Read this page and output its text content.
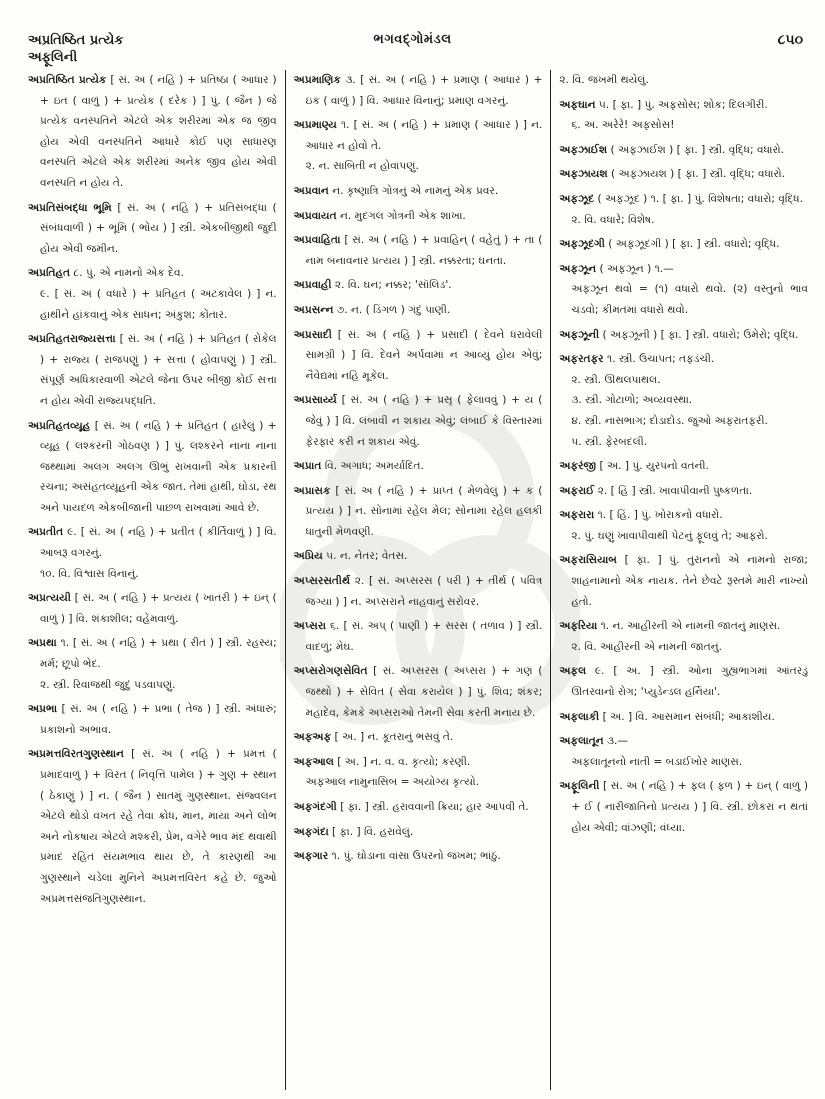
અપ્રતિષ્ઠિત પ્રત્યેક
અફૂલિની
ભગવદ્ગોમંડલ	૮૫૦
અપ્રતિષ્ઠિત પ્રત્યેક [ સં. અ ( નહિ ) + પ્રતિષ્ઠા ( આધાર ) + ઇત ( વાળું ) + પ્રત્યેક ( દરેક ) ] પું. ( જૈન ) જે પ્રત્યેક વનસ્પતિને એટલે એક શરીરમાં એક જ જીવ હોય એવી વનસ્પતિને આધારે કોઈ પણ સાધારણ વનસ્પતિ એટલે એક શરીરમાં અનેક જીવ હોય એવી વનસ્પતિ ન હોય તે.
અપ્રતિસંબદ્ધા ભૂમિ [ સં. અ ( નહિ ) + પ્રતિસંબદ્ધા ( સંબંધવાળી ) + ભૂમિ ( ભોંય ) ] સ્ત્રી. એકબીજીથી જુદી હોય એવી જમીન.
અપ્રતિહત ૮. પું. એ નામનો એક દેવ.
૯. [ સં. અ ( વધારે ) + પ્રતિહત ( અટકાવેલ ) ] ન. હાથીને હાંકવાનું એક સાધન; અંકુશ; કોંતાર.
અપ્રતિહતરાજ્યસત્તા [ સં. અ ( નહિ ) + પ્રતિહત ( રોકેલ ) + રાજ્ય ( રાજપણું ) + સત્તા ( હોવાપણું ) ] સ્ત્રી. સંપૂર્ણ અધિકારવાળી એટલે જેના ઉપર બીજી કોઈ સત્તા ન હોય એવી રાજ્યપદ્ધતિ.
અપ્રતિહતવ્યૂહ [ સં. અ ( નહિ ) + પ્રતિહત ( હારેલું ) + વ્યૂહ ( લશ્કરની ગોઠવણ ) ] પું. લશ્કરને નાના નાના જથ્થામાં અલગ અલગ ઊભું રાખવાની એક પ્રકારની રચના; અસંહતવ્યૂહની એક જાત. તેમાં હાથી, ઘોડા, રથ અને પાયદળ એકબીજાની પાછળ રાખવામાં આવે છે.
અપ્રતીત ૯. [ સં. અ ( નહિ ) + પ્રતીત ( કીર્તિવાળું ) ] વિ. આબરૂ વગરનું.
૧૦. વિ. વિશ્વાસ વિનાનું.
અપ્રત્યયી [ સં. અ ( નહિ ) + પ્રત્યય ( ખાતરી ) + ઇન્ ( વાળું ) ] વિ. શંકાશીલ; વહેમવાળું.
અપ્રથા ૧. [ સં. અ ( નહિ ) + પ્રથા ( રીત ) ] સ્ત્રી. રહસ્ય; મર્મ; છૂપો ભેદ.
૨. સ્ત્રી. રિવાજથી જુદું પડવાપણું.
અપ્રભા [ સં. અ ( નહિ ) + પ્રભા ( તેજ ) ] સ્ત્રી. અંધારું; પ્રકાશનો અભાવ.
અપ્રમત્તવિરતગુણસ્થાન [ સં. અ ( નહિ ) + પ્રમત્ત ( પ્રમાદવાળું ) + વિરત ( નિવૃત્તિ પામેલ ) + ગુણ + સ્થાન ( ઠેકાણું ) ] ન. ( જૈન ) સાતમું ગુણસ્થાન. સંજ્વલન એટલે થોડો વખત રહે તેવા ક્રોધ, માન, માયા અને લોભ અને નોકષાય એટલે મશ્કરી, પ્રેમ, વગેરે ભાવ મંદ થવાથી પ્રમાદ રહિત સંયમભાવ થાય છે, તે કારણથી આ ગુણસ્થાને ચડેલા મુનિને અપ્રમત્તવિરત કહે છે. જુઓ અપ્રમત્તસંજતિગુણસ્થાન.
અપ્રમાણિક ૩. [ સં. અ ( નહિ ) + પ્રમાણ ( આધાર ) + ઇક ( વાળું ) ] વિ. આધાર વિનાનું; પ્રમાણ વગરનું.
અપ્રમાણ્ય ૧. [ સં. અ ( નહિ ) + પ્રમાણ ( આધાર ) ] ન. આધાર ન હોવો તે.
૨. ન. સાબિતી ન હોવાપણું.
અપ્રવાન ન. કૃષ્ણાત્રિ ગોત્રનું એ નામનું એક પ્રવર.
અપ્રવાયત ન. મુદગલ ગોત્રની એક શાખા.
અપ્રવાહિતા [ સં. અ ( નહિ ) + પ્રવાહિન્ ( વહેતું ) + તા ( નામ બનાવનાર પ્રત્યય ) ] સ્ત્રી. નક્કરતા; ઘનતા.
અપ્રવાહી ૨. વિ. ઘન; નક્કર; 'સૉલિડ'.
અપ્રસન્ન ૭. ન. ( ડિંગળ ) ગંદું પાણી.
અપ્રસાદી [ સં. અ ( નહિ ) + પ્રસાદી ( દેવને ધરાવેલી સામગ્રી ) ] વિ. દેવને અર્પવામાં ન આવ્યું હોય એવું; નૈવેદ્યમાં નહિ મૂકેલ.
અપ્રસાર્ય્ય [ સં. અ ( નહિ ) + પ્રસૃ ( ફેલાવવું ) + ય ( જેવું ) ] વિ. લંબાવી ન શકાય એવું; લંબાઈ કે વિસ્તારમાં ફેરફાર કરી ન શકાય એવું.
અપ્રાત વિ. અગાધ; અમર્યાદિત.
અપ્રાસક [ સં. અ ( નહિ ) + પ્રાપ્ત ( મેળવેલું ) + ક ( પ્રત્યય ) ] ન. સોનામાં રહેલ મેલ; સોનામાં રહેલ હલકી ધાતુની મેળવણી.
અપ્રિય ૫. ન. નેતર; વેતસ.
અપ્સરસતીર્થ ૨. [ સં. અપ્સરસ ( પરી ) + તીર્થ ( પવિત્ર જગ્યા ) ] ન. અપ્સરાને નાહવાનું સરોવર.
અપ્સરા ૬. [ સં. અપ્ ( પાણી ) + સરસ ( તળાવ ) ] સ્ત્રી. વાદળું; મેઘ.
અપ્સરોગણસેવિત [ સં. અપ્સરસ ( અપ્સરા ) + ગણ ( જથ્થો ) + સેવિત ( સેવા કરાયેલ ) ] પું. શિવ; શંકર; મહાદેવ, કેમકે અપ્સરાઓ તેમની સેવા કરતી મનાય છે.
અફઅફ [ અ. ] ન. કૂતરાનું ભસવું તે.
અફઆલ [ અ. ] ન. વ. વ. કૃત્યો; કરણી.
અફઆલ નામુનાસિબ = અયોગ્ય કૃત્યો.
અફગંદગી [ ફા. ] સ્ત્રી. હરાવવાની ક્રિયા; હાર આપવી તે.
અફગંદા [ ફા. ] વિ. હરાવેલું.
અફગાર ૧. પું. ઘોડાના વાંસા ઉપરનો જખમ; ભાંઠું.
૨. વિ. જખમી થયેલું.
અફઘાન ૫. [ ફા. ] પું. અફસોસ; શોક; દિલગીરી.
૬. અ. અરેરે! અફસોસ!
અફઝાઈશ ( અફઝાઈશ ) [ ફા. ] સ્ત્રી. વૃદ્ધિ; વધારો.
અફઝાયશ ( અફઝાયશ ) [ ફા. ] સ્ત્રી. વૃદ્ધિ; વધારો.
અફઝૂદ ( અફઝૂદ ) ૧. [ ફા. ] પું. વિશેષતા; વધારો; વૃદ્ધિ.
૨. વિ. વધારે; વિશેષ.
અફઝૂદગી ( અફઝૂદગી ) [ ફા. ] સ્ત્રી. વધારો; વૃદ્ધિ.
અફઝૂન ( અફઝૂન ) ૧.—
અફઝૂન થવો = (૧) વધારો થવો. (૨) વસ્તુનો ભાવ ચડવો; કીમતમાં વધારો થવો.
અફઝૂની ( અફઝૂની ) [ ફા. ] સ્ત્રી. વધારો; ઉમેરો; વૃદ્ધિ.
અફરતફર ૧. સ્ત્રી. ઉચાપત; તફડંચી.
૨. સ્ત્રી. ઊથલપાથલ.
૩. સ્ત્રી. ગોટાળો; અવ્યવસ્થા.
૪. સ્ત્રી. નાસભાગ; દોડાદોડ. જુઓ અફરાતફરી.
૫. સ્ત્રી. ફેરબદલી.
અફરંજી [ અ. ] પું. યુરપનો વતની.
અફરાઈ ૨. [ હિં ] સ્ત્રી. ખાવાપીવાની પુષ્કળતા.
અફરારા ૧. [ હિં. ] પું. ખોરાકનો વધારો.
૨. પું. ઘણું ખાવાપીવાથી પેટનું ફૂલવું તે; આફરો.
અફરાસિયાબ [ ફા. ] પું. તુરાનનો એ નામનો રાજા; શાહનામાનો એક નાયક. તેને છેવટે રૂસ્તમે મારી નાખ્યો હતો.
અફરિયા ૧. ન. આહીરની એ નામની જાતનું માણસ.
૨. વિ. આહીરની એ નામની જાતનું.
અફલ ૯. [ અ. ] સ્ત્રી. ઓના ગુહ્યભાગમાં આંતરડું ઊતરવાનો રોગ; 'પ્યુડેન્ડલ હર્નિયા'.
અફલાકી [ અ. ] વિ. આસમાન સંબંધી; આકાશીય.
અફલાતૂન ૩.—
અફલાતૂનનો નાતી = બડાઈખોર માણસ.
અફૂલિની [ સં. અ ( નહિ ) + ફલ ( ફળ ) + ઇન્ ( વાળું ) + ઈ ( નારીજાતિનો પ્રત્યય ) ] વિ. સ્ત્રી. છોકરાં ન થતાં હોય એવી; વાંઝણી; વંધ્યા.
